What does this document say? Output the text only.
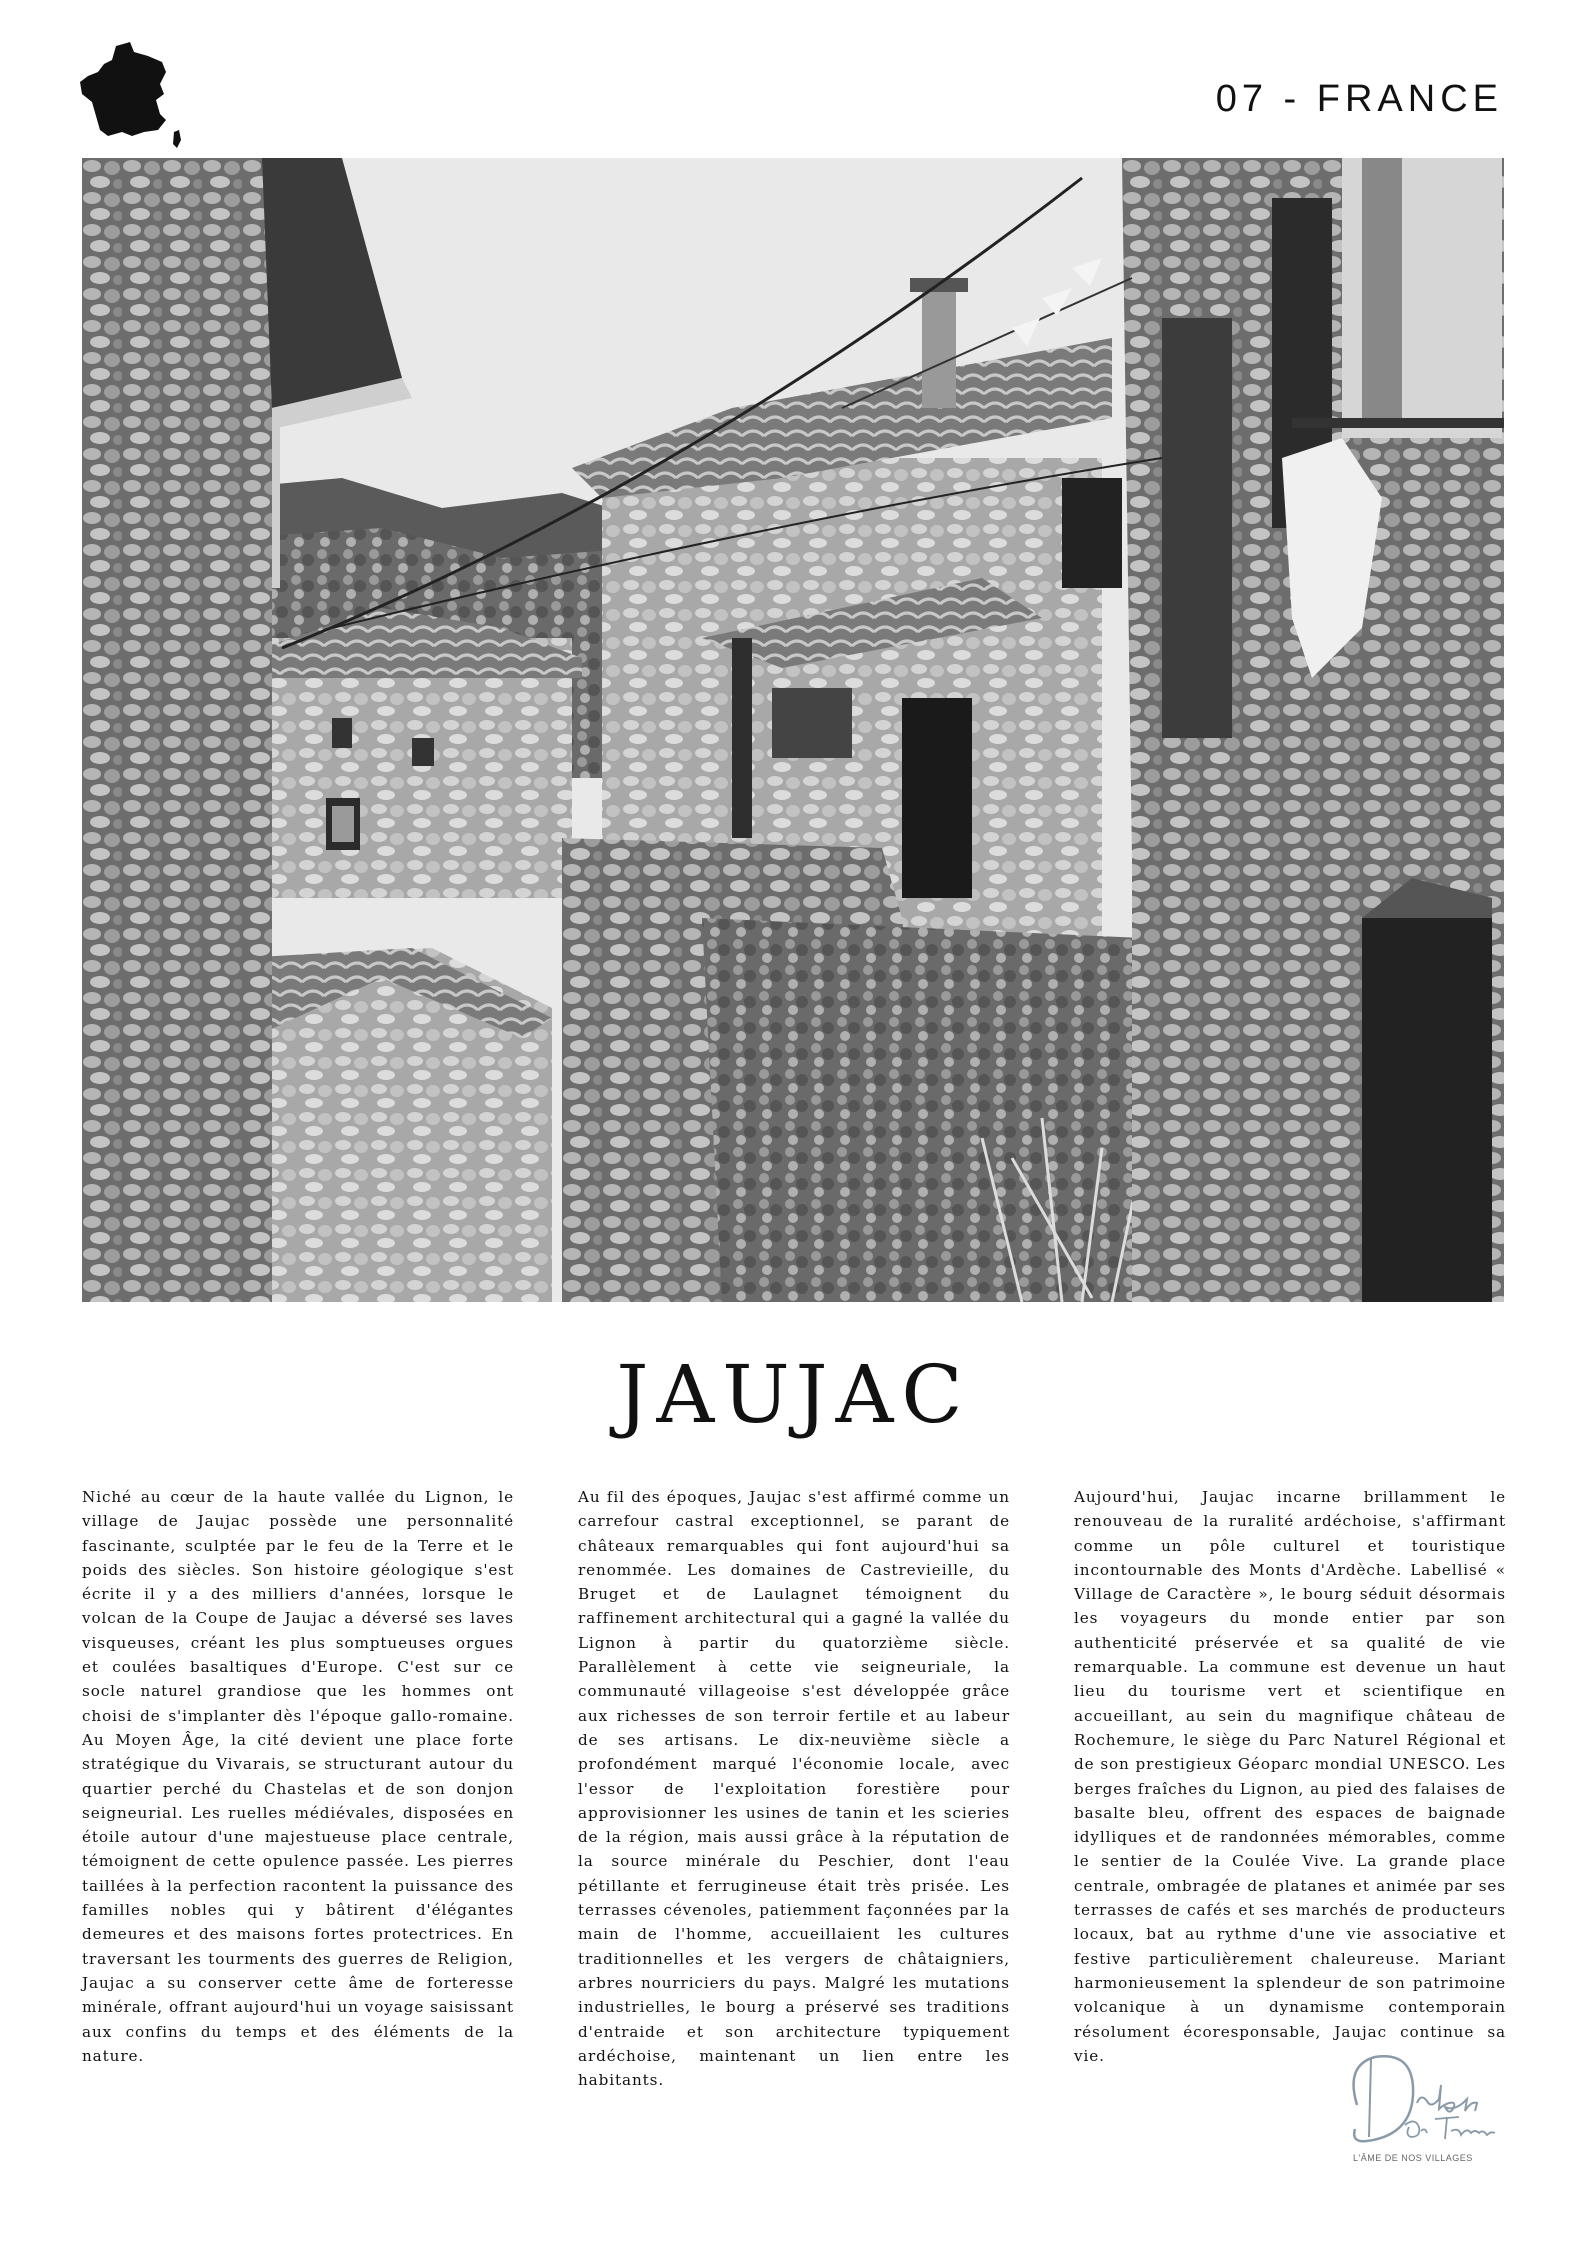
07 - FRANCE
JAUJAC

Niché au cœur de la haute vallée du Lignon, le village de Jaujac possède une personnalité fascinante, sculptée par le feu de la Terre et le poids des siècles. Son histoire géologique s'est écrite il y a des milliers d'années, lorsque le volcan de la Coupe de Jaujac a déversé ses laves visqueuses, créant les plus somptueuses orgues et coulées basaltiques d'Europe. C'est sur ce socle naturel grandiose que les hommes ont choisi de s'implanter dès l'époque gallo-romaine. Au Moyen Âge, la cité devient une place forte stratégique du Vivarais, se structurant autour du quartier perché du Chastelas et de son donjon seigneurial. Les ruelles médiévales, disposées en étoile autour d'une majestueuse place centrale, témoignent de cette opulence passée. Les pierres taillées à la perfection racontent la puissance des familles nobles qui y bâtirent d'élégantes demeures et des maisons fortes protectrices. En traversant les tourments des guerres de Religion, Jaujac a su conserver cette âme de forteresse minérale, offrant aujourd'hui un voyage saisissant aux confins du temps et des éléments de la nature.

Au fil des époques, Jaujac s'est affirmé comme un carrefour castral exceptionnel, se parant de châteaux remarquables qui font aujourd'hui sa renommée. Les domaines de Castrevieille, du Bruget et de Laulagnet témoignent du raffinement architectural qui a gagné la vallée du Lignon à partir du quatorzième siècle. Parallèlement à cette vie seigneuriale, la communauté villageoise s'est développée grâce aux richesses de son terroir fertile et au labeur de ses artisans. Le dix-neuvième siècle a profondément marqué l'économie locale, avec l'essor de l'exploitation forestière pour approvisionner les usines de tanin et les scieries de la région, mais aussi grâce à la réputation de la source minérale du Peschier, dont l'eau pétillante et ferrugineuse était très prisée. Les terrasses cévenoles, patiemment façonnées par la main de l'homme, accueillaient les cultures traditionnelles et les vergers de châtaigniers, arbres nourriciers du pays. Malgré les mutations industrielles, le bourg a préservé ses traditions d'entraide et son architecture typiquement ardéchoise, maintenant un lien entre les habitants.

Aujourd'hui, Jaujac incarne brillamment le renouveau de la ruralité ardéchoise, s'affirmant comme un pôle culturel et touristique incontournable des Monts d'Ardèche. Labellisé « Village de Caractère », le bourg séduit désormais les voyageurs du monde entier par son authenticité préservée et sa qualité de vie remarquable. La commune est devenue un haut lieu du tourisme vert et scientifique en accueillant, au sein du magnifique château de Rochemure, le siège du Parc Naturel Régional et de son prestigieux Géoparc mondial UNESCO. Les berges fraîches du Lignon, au pied des falaises de basalte bleu, offrent des espaces de baignade idylliques et de randonnées mémorables, comme le sentier de la Coulée Vive. La grande place centrale, ombragée de platanes et animée par ses terrasses de cafés et ses marchés de producteurs locaux, bat au rythme d'une vie associative et festive particulièrement chaleureuse. Mariant harmonieusement la splendeur de son patrimoine volcanique à un dynamisme contemporain résolument écoresponsable, Jaujac continue sa vie.

L'ÂME DE NOS VILLAGES
